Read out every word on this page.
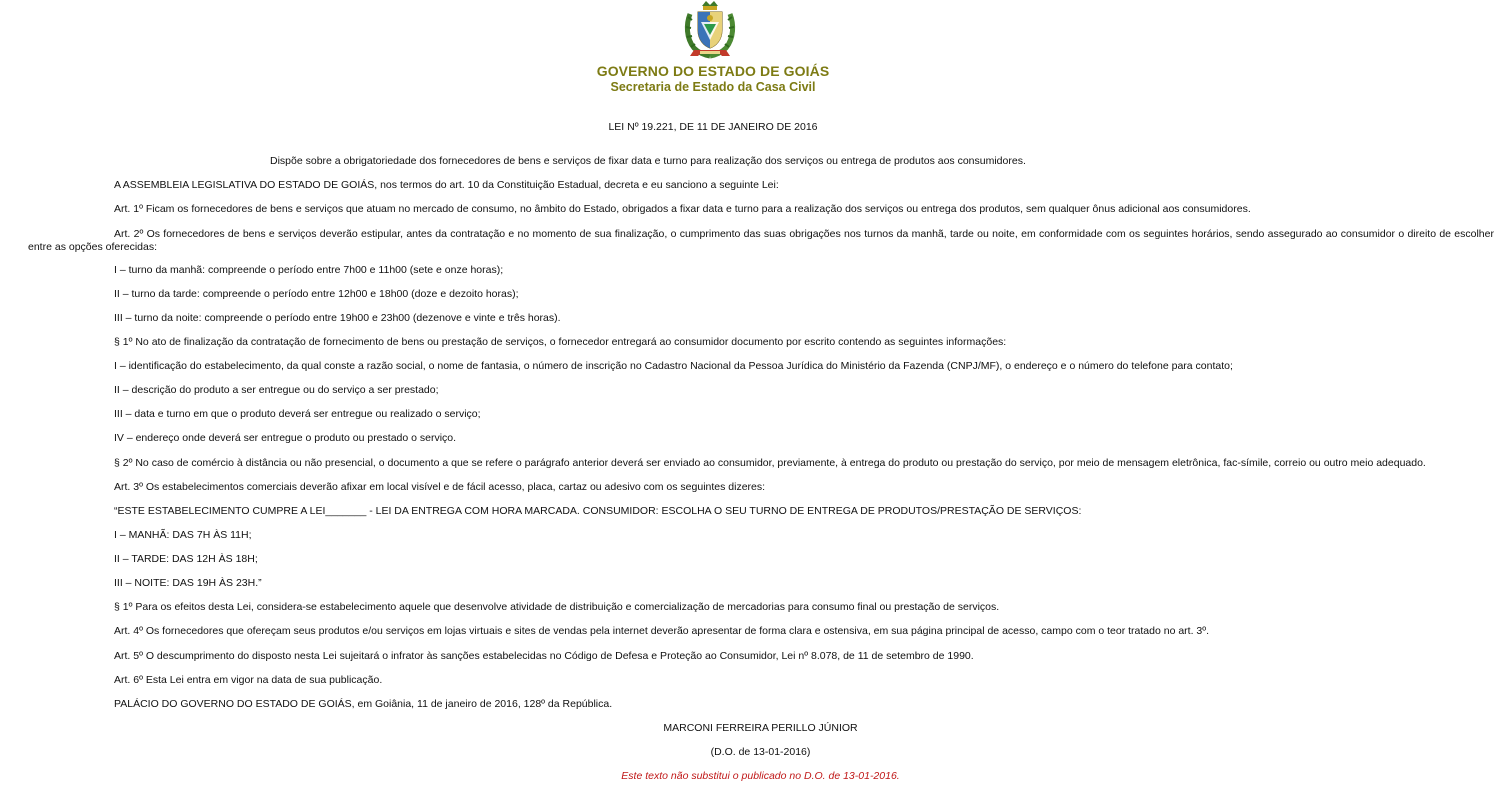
GOVERNO DO ESTADO DE GOIÁS
Secretaria de Estado da Casa Civil
LEI Nº 19.221, DE 11 DE JANEIRO DE 2016
Dispõe sobre a obrigatoriedade dos fornecedores de bens e serviços de fixar data e turno para realização dos serviços ou entrega de produtos aos consumidores.
A ASSEMBLEIA LEGISLATIVA DO ESTADO DE GOIÁS, nos termos do art. 10 da Constituição Estadual, decreta e eu sanciono a seguinte Lei:
Art. 1º Ficam os fornecedores de bens e serviços que atuam no mercado de consumo, no âmbito do Estado, obrigados a fixar data e turno para a realização dos serviços ou entrega dos produtos, sem qualquer ônus adicional aos consumidores.
Art. 2º Os fornecedores de bens e serviços deverão estipular, antes da contratação e no momento de sua finalização, o cumprimento das suas obrigações nos turnos da manhã, tarde ou noite, em conformidade com os seguintes horários, sendo assegurado ao consumidor o direito de escolher entre as opções oferecidas:
I – turno da manhã: compreende o período entre 7h00 e 11h00 (sete e onze horas);
II – turno da tarde: compreende o período entre 12h00 e 18h00 (doze e dezoito horas);
III – turno da noite: compreende o período entre 19h00 e 23h00 (dezenove e vinte e três horas).
§ 1º No ato de finalização da contratação de fornecimento de bens ou prestação de serviços, o fornecedor entregará ao consumidor documento por escrito contendo as seguintes informações:
I – identificação do estabelecimento, da qual conste a razão social, o nome de fantasia, o número de inscrição no Cadastro Nacional da Pessoa Jurídica do Ministério da Fazenda (CNPJ/MF), o endereço e o número do telefone para contato;
II – descrição do produto a ser entregue ou do serviço a ser prestado;
III – data e turno em que o produto deverá ser entregue ou realizado o serviço;
IV – endereço onde deverá ser entregue o produto ou prestado o serviço.
§ 2º No caso de comércio à distância ou não presencial, o documento a que se refere o parágrafo anterior deverá ser enviado ao consumidor, previamente, à entrega do produto ou prestação do serviço, por meio de mensagem eletrônica, fac-símile, correio ou outro meio adequado.
Art. 3º Os estabelecimentos comerciais deverão afixar em local visível e de fácil acesso, placa, cartaz ou adesivo com os seguintes dizeres:
“ESTE ESTABELECIMENTO CUMPRE A LEI_______ - LEI DA ENTREGA COM HORA MARCADA. CONSUMIDOR: ESCOLHA O SEU TURNO DE ENTREGA DE PRODUTOS/PRESTAÇÃO DE SERVIÇOS:
I – MANHÃ: DAS 7H ÀS 11H;
II – TARDE: DAS 12H ÀS 18H;
III – NOITE: DAS 19H ÀS 23H.”
§ 1º Para os efeitos desta Lei, considera-se estabelecimento aquele que desenvolve atividade de distribuição e comercialização de mercadorias para consumo final ou prestação de serviços.
Art. 4º Os fornecedores que ofereçam seus produtos e/ou serviços em lojas virtuais e sites de vendas pela internet deverão apresentar de forma clara e ostensiva, em sua página principal de acesso, campo com o teor tratado no art. 3º.
Art. 5º O descumprimento do disposto nesta Lei sujeitará o infrator às sanções estabelecidas no Código de Defesa e Proteção ao Consumidor, Lei nº 8.078, de 11 de setembro de 1990.
Art. 6º Esta Lei entra em vigor na data de sua publicação.
PALÁCIO DO GOVERNO DO ESTADO DE GOIÁS, em Goiânia, 11 de janeiro de 2016, 128º da República.
MARCONI FERREIRA PERILLO JÚNIOR
(D.O. de 13-01-2016)
Este texto não substitui o publicado no D.O. de 13-01-2016.
